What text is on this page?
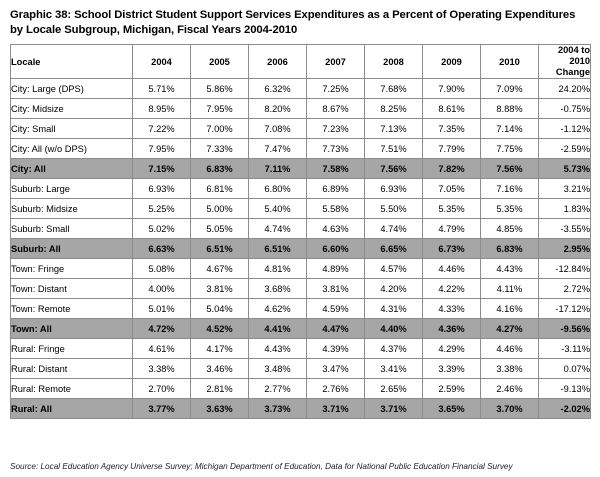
Graphic 38: School District Student Support Services Expenditures as a Percent of Operating Expenditures by Locale Subgroup, Michigan, Fiscal Years 2004-2010
Locale	2004	2005	2006	2007	2008	2009	2010	2004 to
2010
Change

City: Large (DPS)	5.71%	5.86%	6.32%	7.25%	7.68%	7.90%	7.09%	24.20%
City: Midsize	8.95%	7.95%	8.20%	8.67%	8.25%	8.61%	8.88%	-0.75%
City: Small	7.22%	7.00%	7.08%	7.23%	7.13%	7.35%	7.14%	-1.12%
City: All (w/o DPS)	7.95%	7.33%	7.47%	7.73%	7.51%	7.79%	7.75%	-2.59%
City: All	7.15%	6.83%	7.11%	7.58%	7.56%	7.82%	7.56%	5.73%
Suburb: Large	6.93%	6.81%	6.80%	6.89%	6.93%	7.05%	7.16%	3.21%
Suburb: Midsize	5.25%	5.00%	5.40%	5.58%	5.50%	5.35%	5.35%	1.83%
Suburb: Small	5.02%	5.05%	4.74%	4.63%	4.74%	4.79%	4.85%	-3.55%
Suburb: All	6.63%	6.51%	6.51%	6.60%	6.65%	6.73%	6.83%	2.95%
Town: Fringe	5.08%	4.67%	4.81%	4.89%	4.57%	4.46%	4.43%	-12.84%
Town: Distant	4.00%	3.81%	3.68%	3.81%	4.20%	4.22%	4.11%	2.72%
Town: Remote	5.01%	5.04%	4.62%	4.59%	4.31%	4.33%	4.16%	-17.12%
Town: All	4.72%	4.52%	4.41%	4.47%	4.40%	4.36%	4.27%	-9.56%
Rural: Fringe	4.61%	4.17%	4.43%	4.39%	4.37%	4.29%	4.46%	-3.11%
Rural: Distant	3.38%	3.46%	3.48%	3.47%	3.41%	3.39%	3.38%	0.07%
Rural: Remote	2.70%	2.81%	2.77%	2.76%	2.65%	2.59%	2.46%	-9.13%
Rural: All	3.77%	3.63%	3.73%	3.71%	3.71%	3.65%	3.70%	-2.02%
Source: Local Education Agency Universe Survey; Michigan Department of Education, Data for National Public Education Financial Survey
